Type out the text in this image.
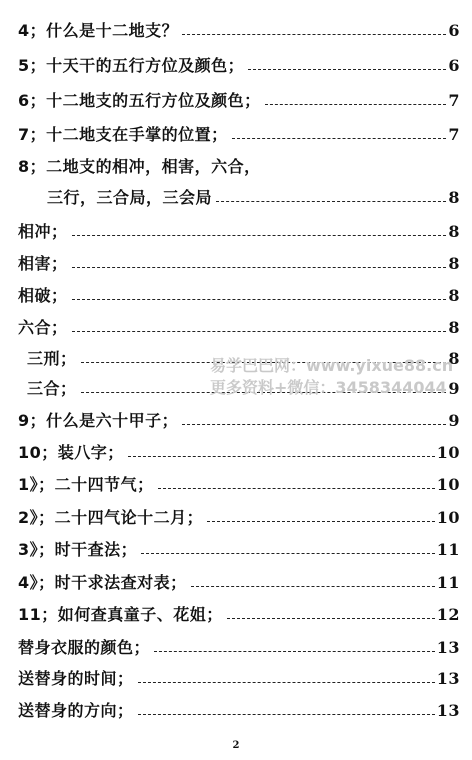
4；什么是十二地支？	6
5；十天干的五行方位及颜色；	6
6；十二地支的五行方位及颜色；	7
7；十二地支在手掌的位置；	7
8；二地支的相冲，相害，六合，
三行，三合局，三会局	8
相冲；	8
相害；	8
相破；	8
六合；	8
三刑；	8
三合；	9
9；什么是六十甲子；	9
10；装八字；	10
1》；二十四节气；	10
2》；二十四气论十二月；	10
3》；时干查法；	11
4》；时干求法查对表；	11
11；如何查真童子、花姐；	12
替身衣服的颜色；	13
送替身的时间；	13
送替身的方向；	13
易学巴巴网：www.yixue88.cn
更多资料+微信：3458344044
2
